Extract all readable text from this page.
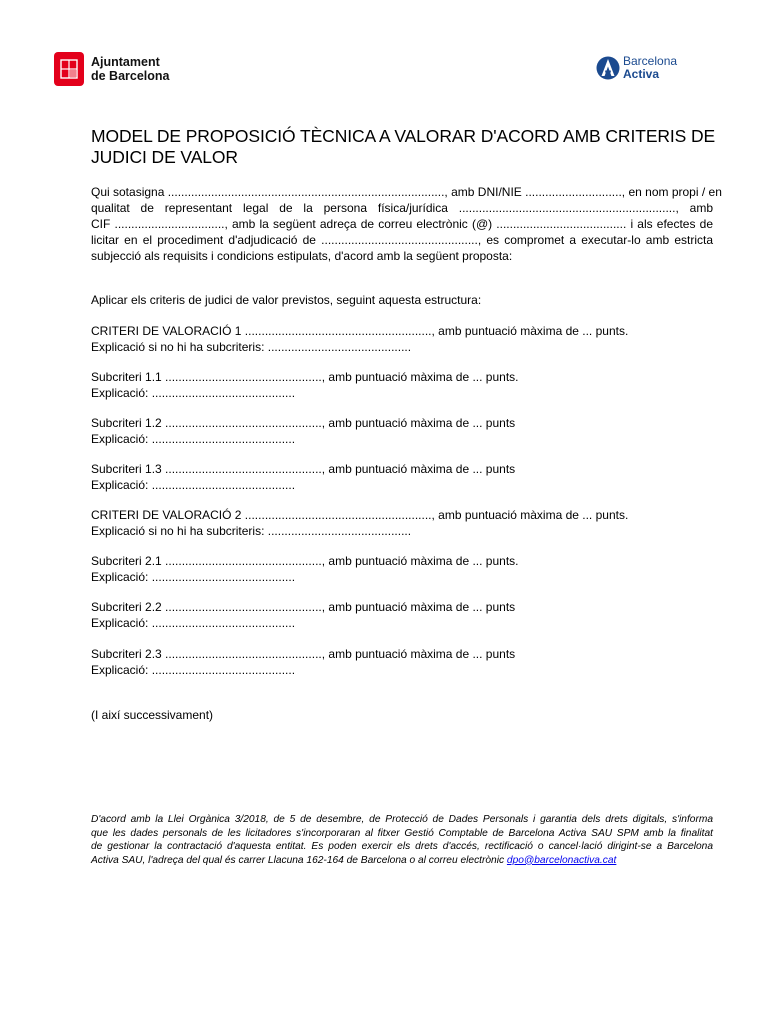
Ajuntament
de Barcelona
Barcelona
Activa
MODEL DE PROPOSICIÓ TÈCNICA A VALORAR D'ACORD AMB CRITERIS DE
JUDICI DE VALOR
Qui sotasigna ..................................................................................., amb DNI/NIE ............................., en nom propi / en
qualitat de representant legal de la persona física/jurídica ................................................................., amb
CIF ................................., amb la següent adreça de correu electrònic (@) ....................................... i als efectes de
licitar en el procediment d'adjudicació de ..............................................., es compromet a executar-lo amb estricta
subjecció als requisits i condicions estipulats, d'acord amb la següent proposta:
Aplicar els criteris de judici de valor previstos, seguint aquesta estructura:
CRITERI DE VALORACIÓ 1 ........................................................, amb puntuació màxima de ... punts.
Explicació si no hi ha subcriteris: ...........................................
Subcriteri 1.1 ..............................................., amb puntuació màxima de ... punts.
Explicació: ...........................................
Subcriteri 1.2 ..............................................., amb puntuació màxima de ... punts
Explicació: ...........................................
Subcriteri 1.3 ..............................................., amb puntuació màxima de ... punts
Explicació: ...........................................
CRITERI DE VALORACIÓ 2 ........................................................, amb puntuació màxima de ... punts.
Explicació si no hi ha subcriteris: ...........................................
Subcriteri 2.1 ..............................................., amb puntuació màxima de ... punts.
Explicació: ...........................................
Subcriteri 2.2 ..............................................., amb puntuació màxima de ... punts
Explicació: ...........................................
Subcriteri 2.3 ..............................................., amb puntuació màxima de ... punts
Explicació: ...........................................
(I així successivament)
D'acord amb la Llei Orgànica 3/2018, de 5 de desembre, de Protecció de Dades Personals i garantia dels drets digitals, s'informa
que les dades personals de les licitadores s'incorporaran al fitxer Gestió Comptable de Barcelona Activa SAU SPM amb la finalitat
de gestionar la contractació d'aquesta entitat. Es poden exercir els drets d'accés, rectificació o cancel·lació dirigint-se a Barcelona
Activa SAU, l'adreça del qual és carrer Llacuna 162-164 de Barcelona o al correu electrònic dpo@barcelonactiva.cat
